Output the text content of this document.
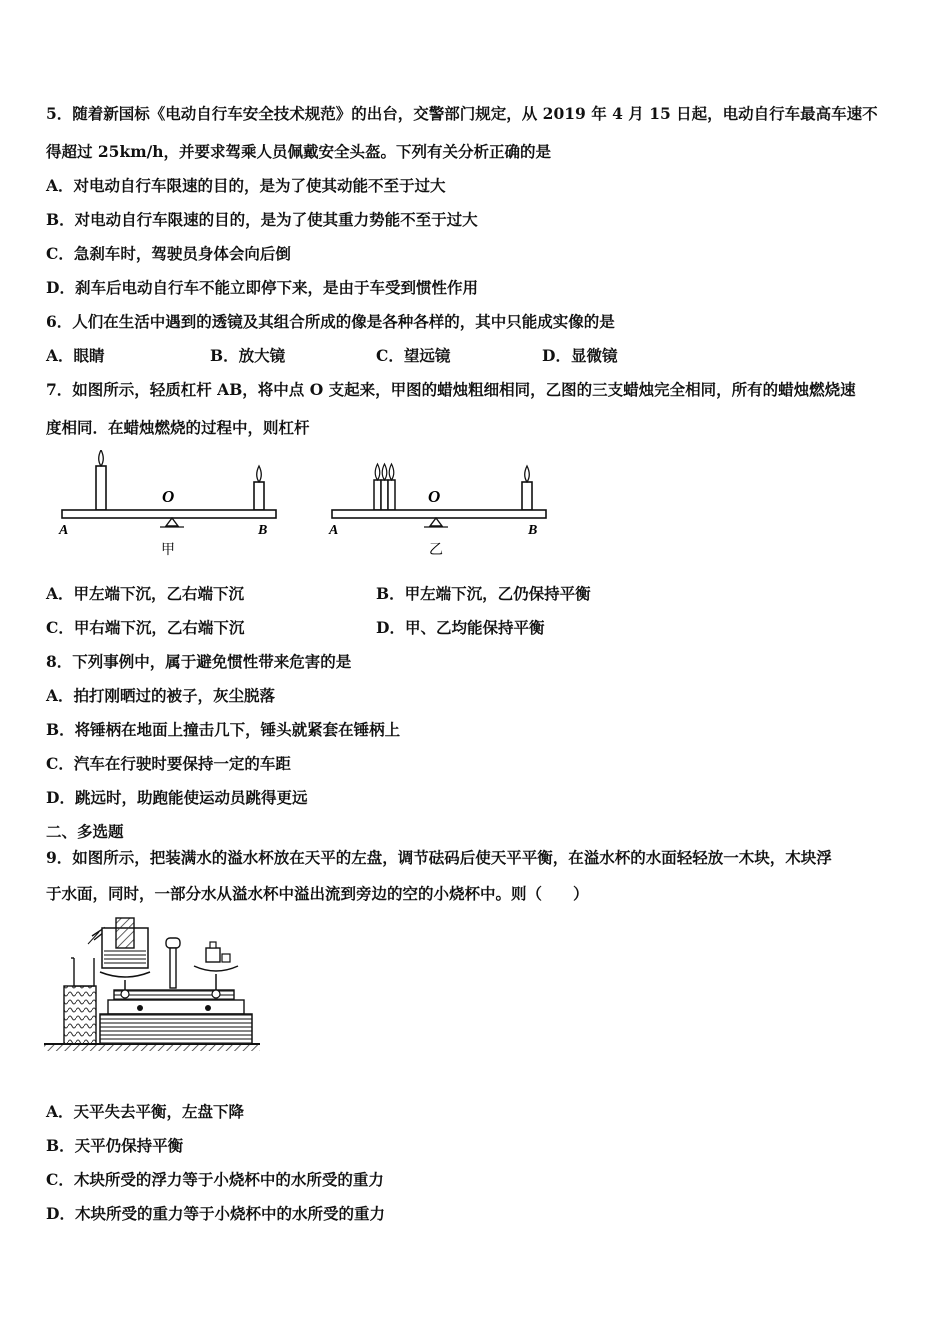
5．随着新国标《电动自行车安全技术规范》的出台，交警部门规定，从 2019 年 4 月 15 日起，电动自行车最高车速不
得超过 25km/h，并要求驾乘人员佩戴安全头盔。下列有关分析正确的是
A．对电动自行车限速的目的，是为了使其动能不至于过大
B．对电动自行车限速的目的，是为了使其重力势能不至于过大
C．急刹车时，驾驶员身体会向后倒
D．刹车后电动自行车不能立即停下来，是由于车受到惯性作用
6．人们在生活中遇到的透镜及其组合所成的像是各种各样的，其中只能成实像的是
A．眼睛	B．放大镜	C．望远镜	D．显微镜
7．如图所示，轻质杠杆 AB，将中点 O 支起来，甲图的蜡烛粗细相同，乙图的三支蜡烛完全相同，所有的蜡烛燃烧速
度相同．在蜡烛燃烧的过程中，则杠杆
O
A	B
甲
O
A	B
乙
A．甲左端下沉，乙右端下沉	B．甲左端下沉，乙仍保持平衡
C．甲右端下沉，乙右端下沉	D．甲、乙均能保持平衡
8．下列事例中，属于避免惯性带来危害的是
A．拍打刚晒过的被子，灰尘脱落
B．将锤柄在地面上撞击几下，锤头就紧套在锤柄上
C．汽车在行驶时要保持一定的车距
D．跳远时，助跑能使运动员跳得更远
二、多选题
9．如图所示，把装满水的溢水杯放在天平的左盘，调节砝码后使天平平衡，在溢水杯的水面轻轻放一木块，木块浮
于水面，同时，一部分水从溢水杯中溢出流到旁边的空的小烧杯中。则（　　）
A．天平失去平衡，左盘下降
B．天平仍保持平衡
C．木块所受的浮力等于小烧杯中的水所受的重力
D．木块所受的重力等于小烧杯中的水所受的重力
